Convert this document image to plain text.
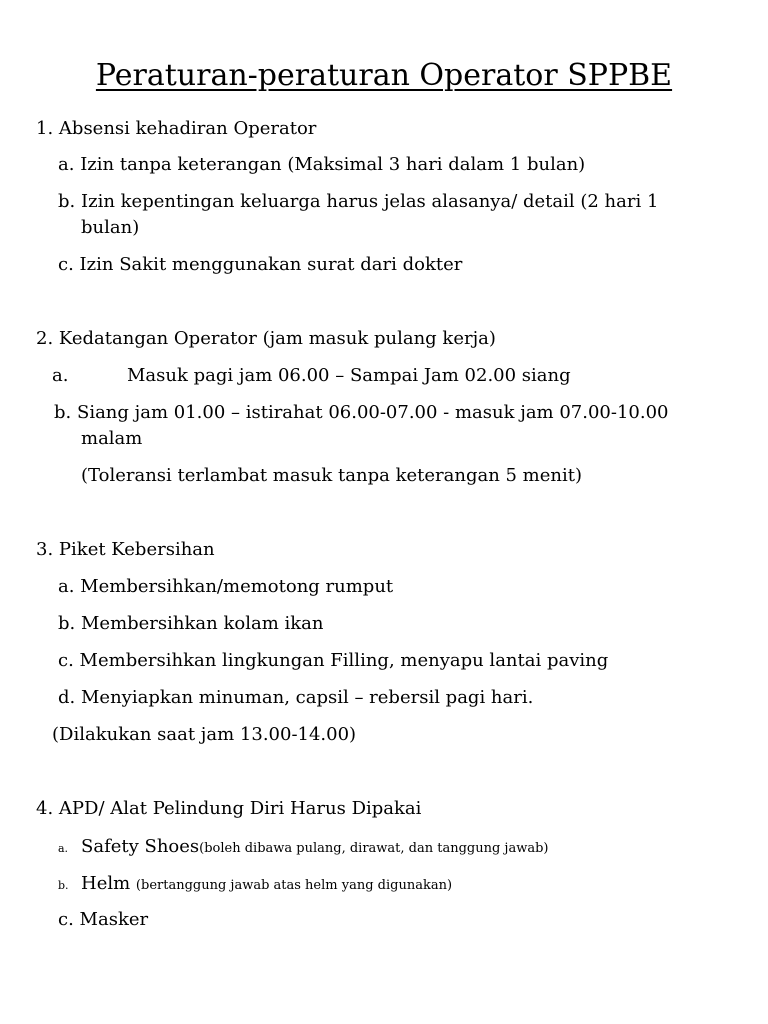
Peraturan-peraturan Operator SPPBE
1. Absensi kehadiran Operator
a. Izin tanpa keterangan (Maksimal 3 hari dalam 1 bulan)
b. Izin kepentingan keluarga harus jelas alasanya/ detail (2 hari 1
bulan)
c. Izin Sakit menggunakan surat dari dokter
2. Kedatangan Operator (jam masuk pulang kerja)
a.	Masuk pagi jam 06.00 – Sampai Jam 02.00 siang
b. Siang jam 01.00 – istirahat 06.00-07.00 - masuk jam 07.00-10.00
malam
(Toleransi terlambat masuk tanpa keterangan 5 menit)
3. Piket Kebersihan
a. Membersihkan/memotong rumput
b. Membersihkan kolam ikan
c. Membersihkan lingkungan Filling, menyapu lantai paving
d. Menyiapkan minuman, capsil – rebersil pagi hari.
(Dilakukan saat jam 13.00-14.00)
4. APD/ Alat Pelindung Diri Harus Dipakai
a. Safety Shoes(boleh dibawa pulang, dirawat, dan tanggung jawab)
b. Helm (bertanggung jawab atas helm yang digunakan)
c. Masker
